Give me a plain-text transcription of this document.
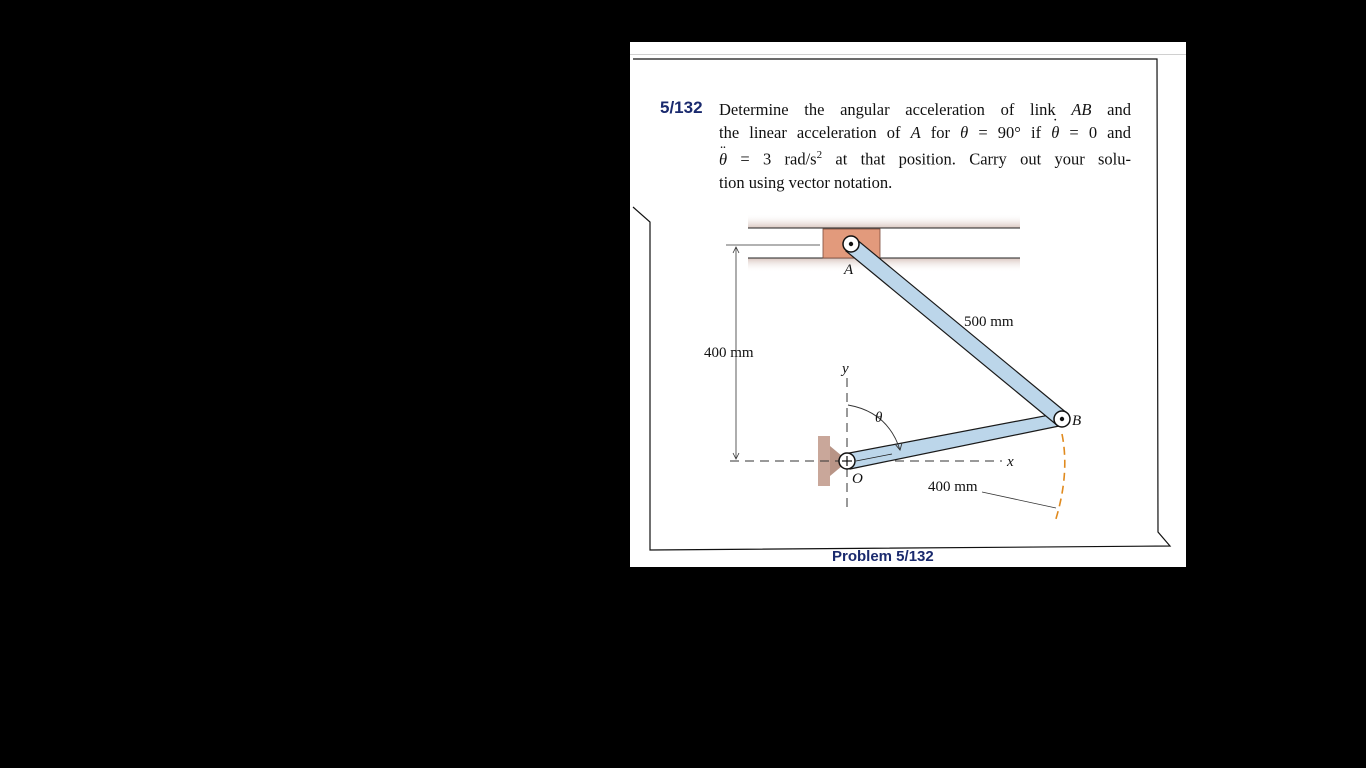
5/132 Determine the angular acceleration of link AB and
the linear acceleration of A for θ = 90° if θ ˙ = 0 and
θ ¨ = 3 rad/$s^2$ at that position. Carry out your solu-
tion using vector notation.
A
B
O
x
y
θ
500 mm
400 mm
400 mm
Problem 5/132
